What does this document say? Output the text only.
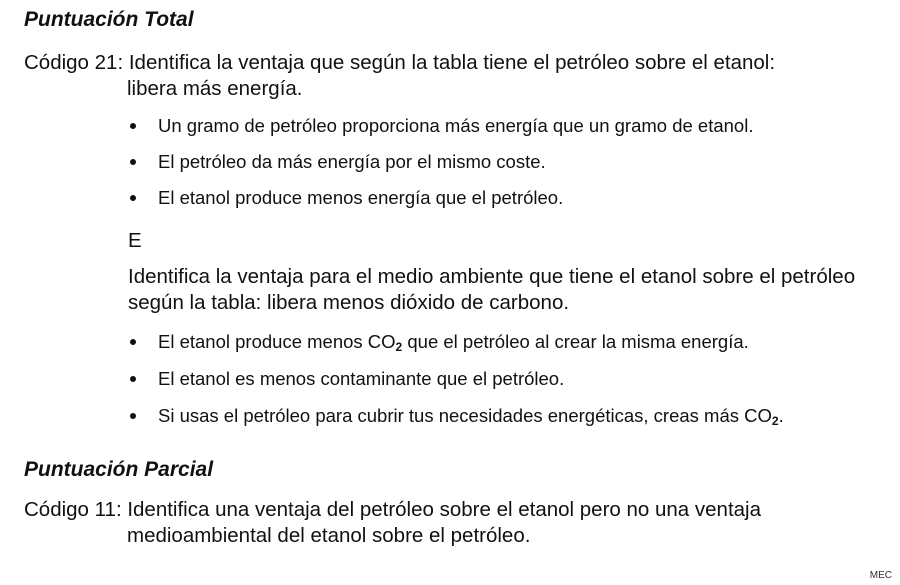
Puntuación Total
Código 21: Identifica la ventaja que según la tabla tiene el petróleo sobre el etanol:
libera más energía.
Un gramo de petróleo proporciona más energía que un gramo de etanol.
El petróleo da más energía por el mismo coste.
El etanol produce menos energía que el petróleo.
E
Identifica la ventaja para el medio ambiente que tiene el etanol sobre el petróleo según la tabla: libera menos dióxido de carbono.
El etanol produce menos $CO_2$ que el petróleo al crear la misma energía.
El etanol es menos contaminante que el petróleo.
Si usas el petróleo para cubrir tus necesidades energéticas, creas más $CO_2$.
Puntuación Parcial
Código 11: Identifica una ventaja del petróleo sobre el etanol pero no una ventaja
medioambiental del etanol sobre el petróleo.
MEC
